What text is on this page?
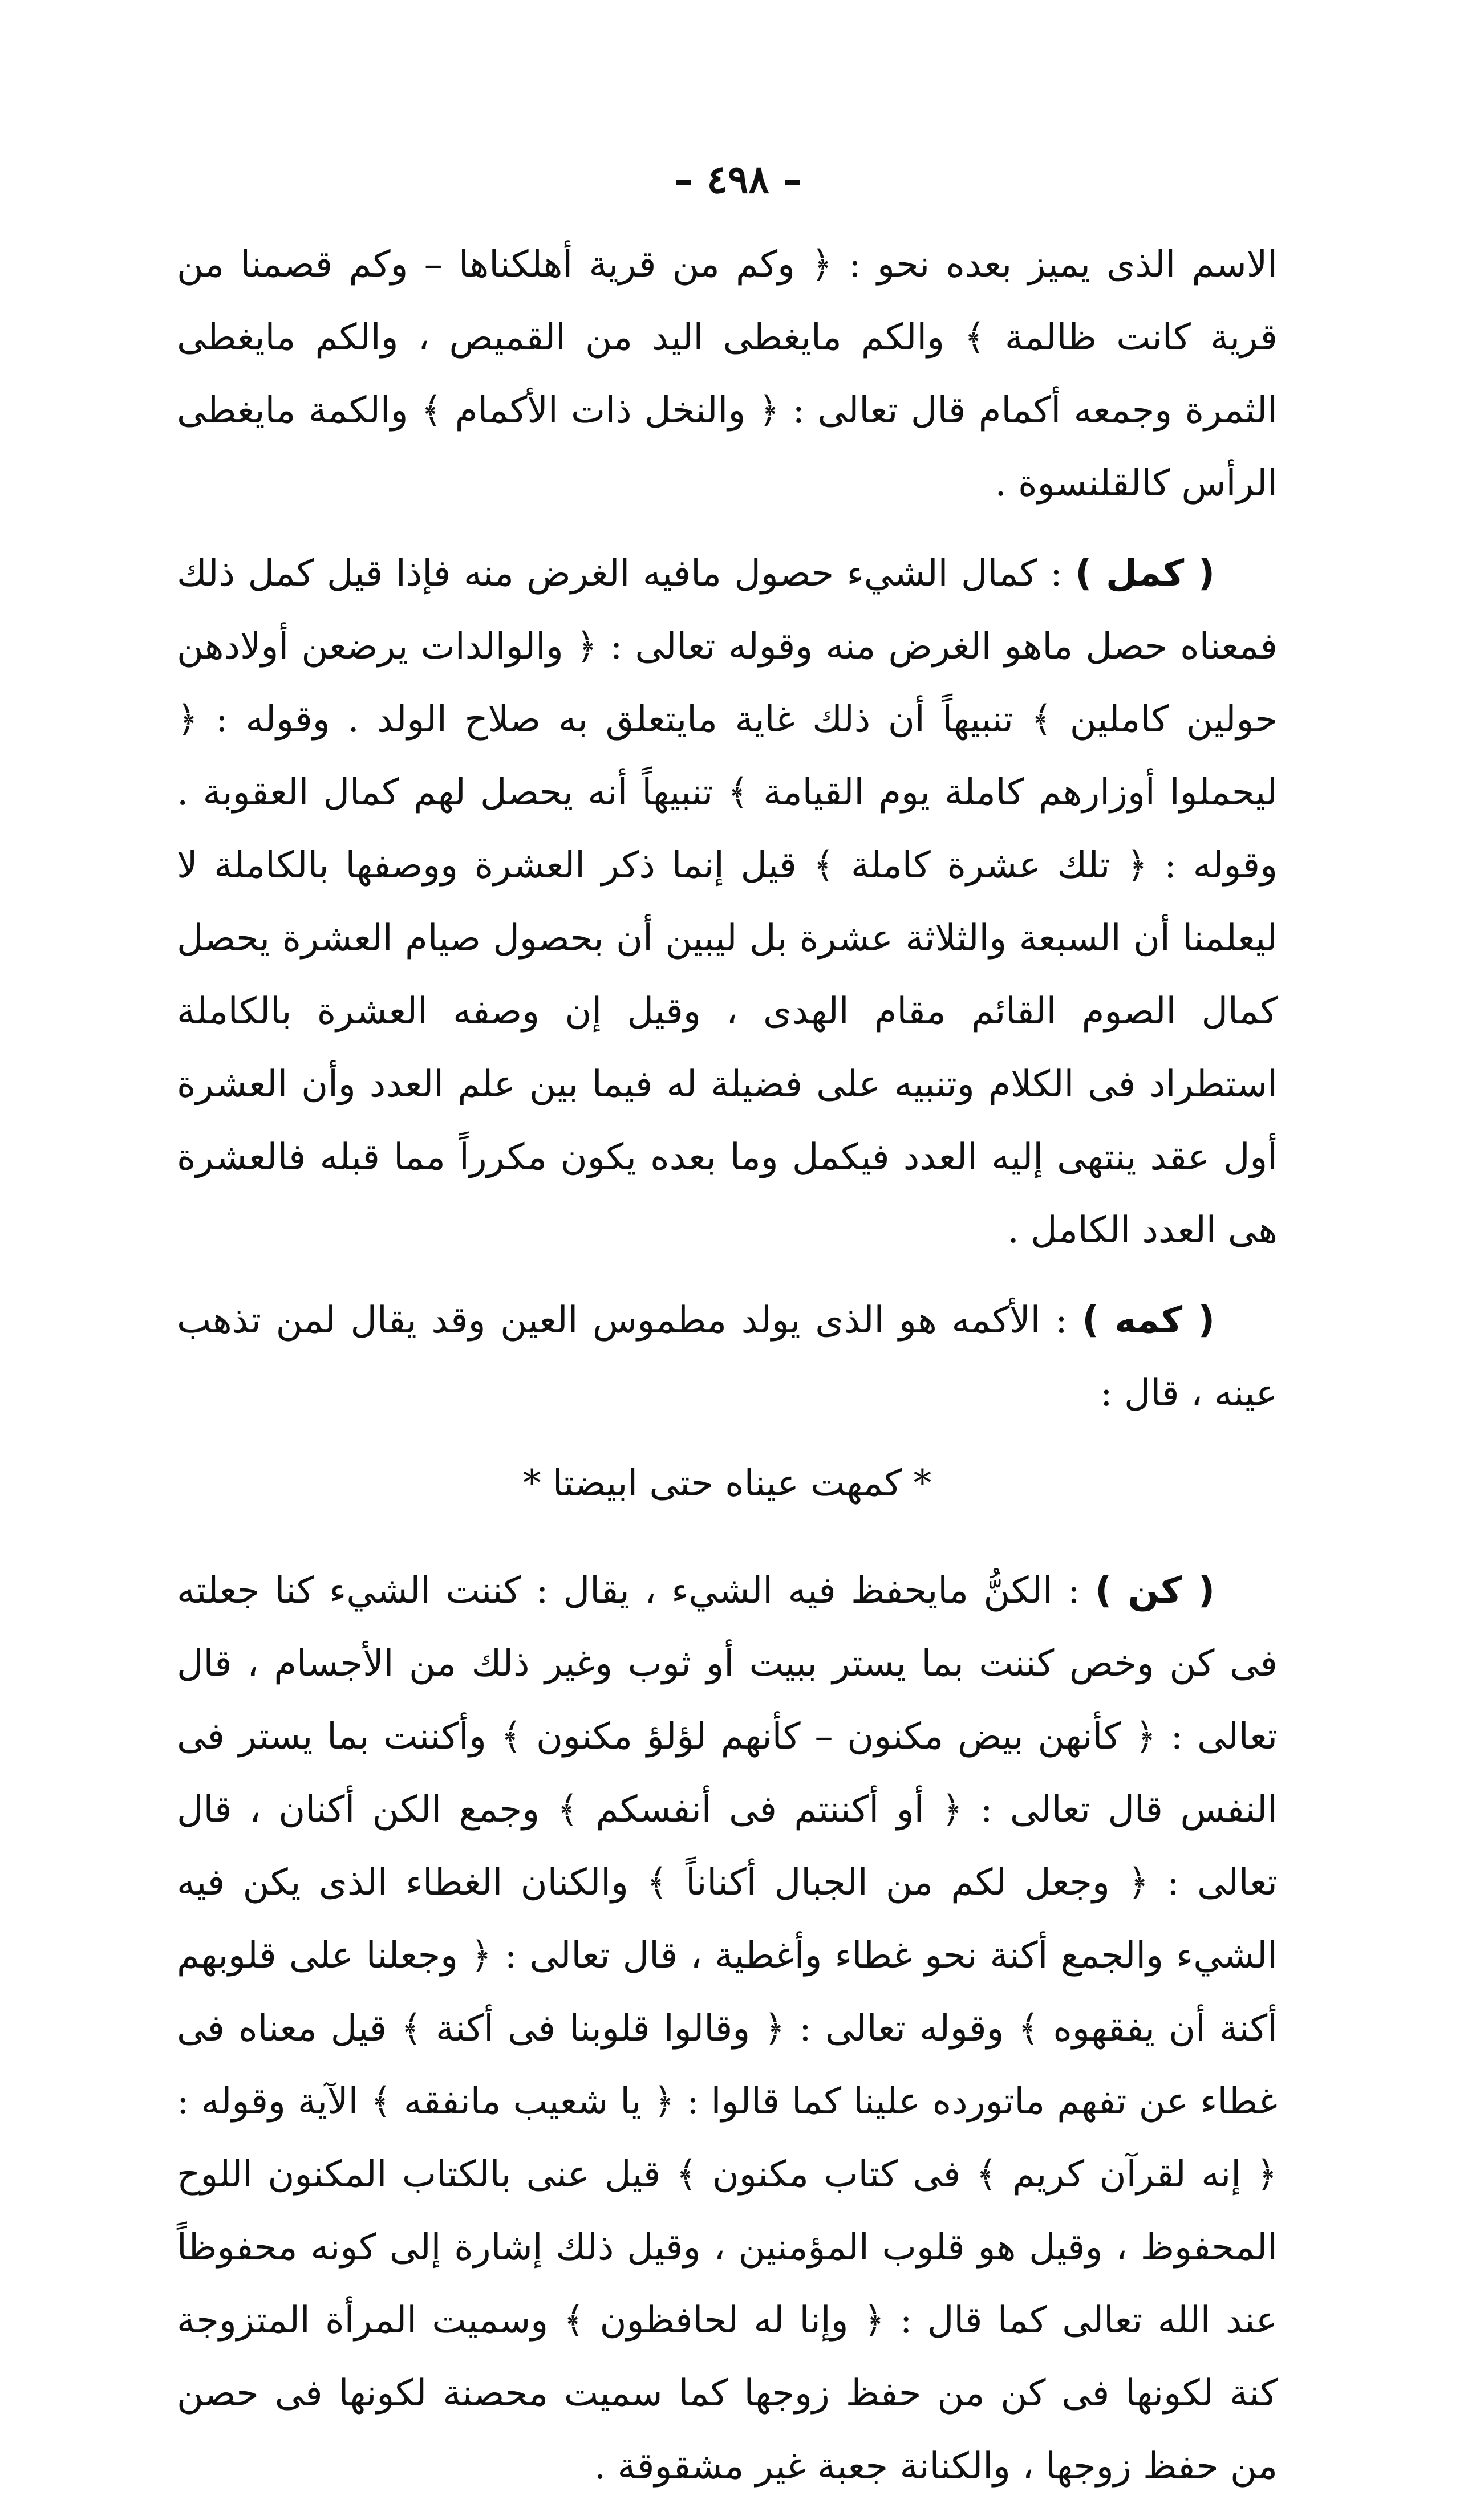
– ٤٩٨ –

الاسم الذى يميز بعده نحو : ﴿ وكم من قرية أهلكناها – وكم قصمنا من قرية كانت ظالمة ﴾ والكم مايغطى اليد من القميص ، والكم مايغطى الثمرة وجمعه أكمام قال تعالى : ﴿ والنخل ذات الأكمام ﴾ والكمة مايغطى الرأس كالقلنسوة .

( كمل ) : كمال الشيء حصول مافيه الغرض منه فإذا قيل كمل ذلك فمعناه حصل ماهو الغرض منه وقوله تعالى : ﴿ والوالدات يرضعن أولادهن حولين كاملين ﴾ تنبيهاً أن ذلك غاية مايتعلق به صلاح الولد . وقوله : ﴿ ليحملوا أوزارهم كاملة يوم القيامة ﴾ تنبيهاً أنه يحصل لهم كمال العقوبة . وقوله : ﴿ تلك عشرة كاملة ﴾ قيل إنما ذكر العشرة ووصفها بالكاملة لا ليعلمنا أن السبعة والثلاثة عشرة بل ليبين أن بحصول صيام العشرة يحصل كمال الصوم القائم مقام الهدى ، وقيل إن وصفه العشرة بالكاملة استطراد فى الكلام وتنبيه على فضيلة له فيما بين علم العدد وأن العشرة أول عقد ينتهى إليه العدد فيكمل وما بعده يكون مكرراً مما قبله فالعشرة هى العدد الكامل .

( كمه ) : الأكمه هو الذى يولد مطموس العين وقد يقال لمن تذهب عينه ، قال :

* كمهت عيناه حتى ابيضتا *

( كن ) : الكنُّ مايحفظ فيه الشيء ، يقال : كننت الشيء كنا جعلته فى كن وخص كننت بما يستر ببيت أو ثوب وغير ذلك من الأجسام ، قال تعالى : ﴿ كأنهن بيض مكنون – كأنهم لؤلؤ مكنون ﴾ وأكننت بما يستر فى النفس قال تعالى : ﴿ أو أكننتم فى أنفسكم ﴾ وجمع الكن أكنان ، قال تعالى : ﴿ وجعل لكم من الجبال أكناناً ﴾ والكنان الغطاء الذى يكن فيه الشيء والجمع أكنة نحو غطاء وأغطية ، قال تعالى : ﴿ وجعلنا على قلوبهم أكنة أن يفقهوه ﴾ وقوله تعالى : ﴿ وقالوا قلوبنا فى أكنة ﴾ قيل معناه فى غطاء عن تفهم ماتورده علينا كما قالوا : ﴿ يا شعيب مانفقه ﴾ الآية وقوله : ﴿ إنه لقرآن كريم ﴾ فى كتاب مكنون ﴾ قيل عنى بالكتاب المكنون اللوح المحفوظ ، وقيل هو قلوب المؤمنين ، وقيل ذلك إشارة إلى كونه محفوظاً عند الله تعالى كما قال : ﴿ وإنا له لحافظون ﴾ وسميت المرأة المتزوجة كنة لكونها فى كن من حفظ زوجها كما سميت محصنة لكونها فى حصن من حفظ زوجها ، والكنانة جعبة غير مشقوقة .
